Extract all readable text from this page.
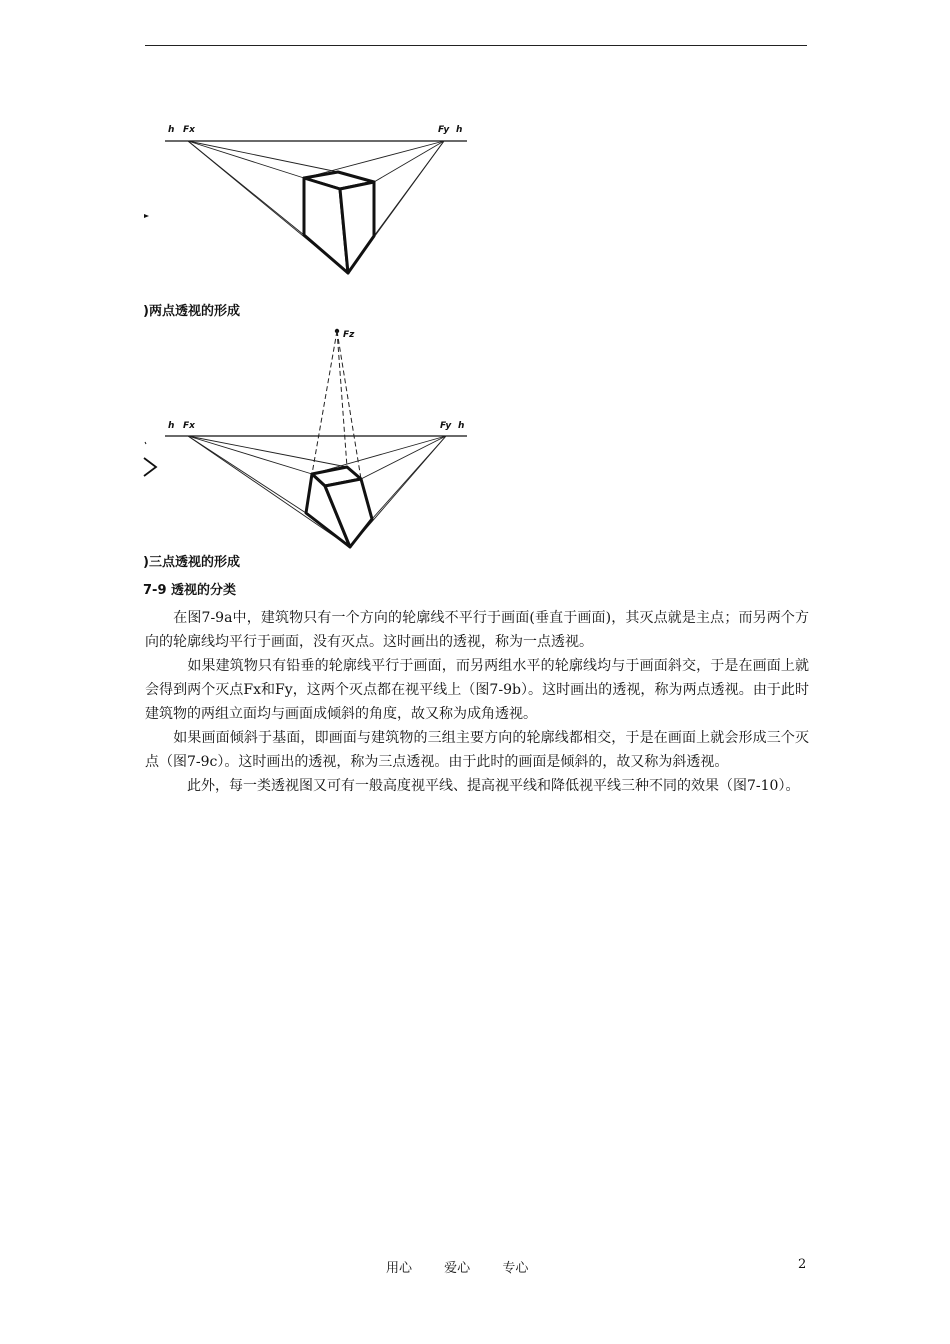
h Fx	Fy h
)两点透视的形成
Fz
h Fx	Fy h
)三点透视的形成
7-9 透视的分类

　　在图7-9a中，建筑物只有一个方向的轮廓线不平行于画面(垂直于画面)，其灭点就是主点；而另两个方向的轮廓线均平行于画面，没有灭点。这时画出的透视，称为一点透视。

　　　如果建筑物只有铅垂的轮廓线平行于画面，而另两组水平的轮廓线均与于画面斜交，于是在画面上就会得到两个灭点Fx和Fy，这两个灭点都在视平线上（图7-9b）。这时画出的透视，称为两点透视。由于此时建筑物的两组立面均与画面成倾斜的角度，故又称为成角透视。

　　如果画面倾斜于基面，即画面与建筑物的三组主要方向的轮廓线都相交，于是在画面上就会形成三个灭点（图7-9c）。这时画出的透视，称为三点透视。由于此时的画面是倾斜的，故又称为斜透视。

　　　此外，每一类透视图又可有一般高度视平线、提高视平线和降低视平线三种不同的效果（图7-10）。

用心 爱心 专心	2
